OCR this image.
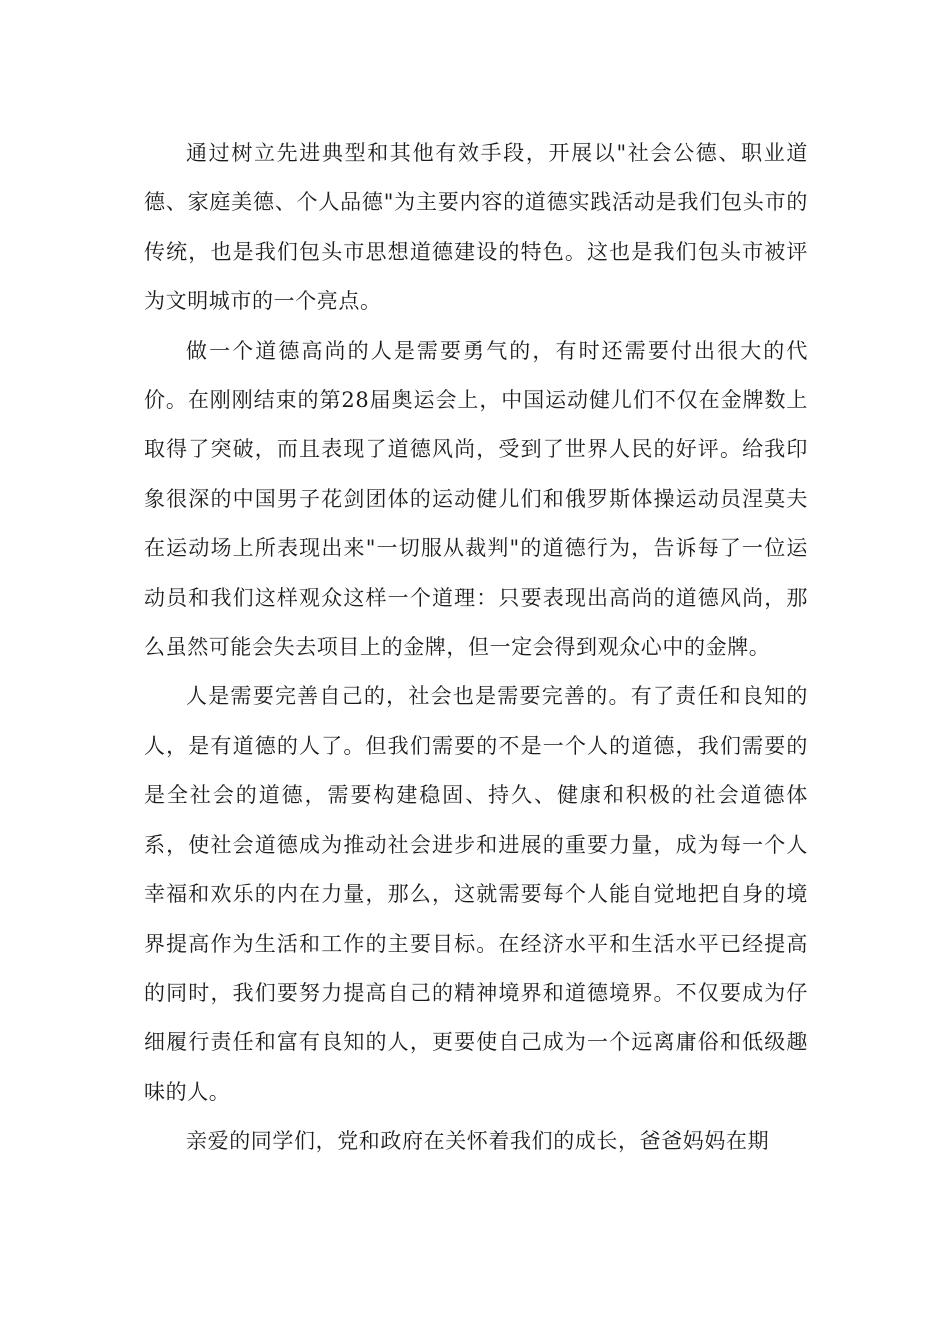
通过树立先进典型和其他有效手段，开展以"社会公德、职业道德、家庭美德、个人品德"为主要内容的道德实践活动是我们包头市的传统，也是我们包头市思想道德建设的特色。这也是我们包头市被评为文明城市的一个亮点。

做一个道德高尚的人是需要勇气的，有时还需要付出很大的代价。在刚刚结束的第28届奥运会上，中国运动健儿们不仅在金牌数上取得了突破，而且表现了道德风尚，受到了世界人民的好评。给我印象很深的中国男子花剑团体的运动健儿们和俄罗斯体操运动员涅莫夫在运动场上所表现出来"一切服从裁判"的道德行为，告诉每了一位运动员和我们这样观众这样一个道理：只要表现出高尚的道德风尚，那么虽然可能会失去项目上的金牌，但一定会得到观众心中的金牌。

人是需要完善自己的，社会也是需要完善的。有了责任和良知的人，是有道德的人了。但我们需要的不是一个人的道德，我们需要的是全社会的道德，需要构建稳固、持久、健康和积极的社会道德体系，使社会道德成为推动社会进步和进展的重要力量，成为每一个人幸福和欢乐的内在力量，那么，这就需要每个人能自觉地把自身的境界提高作为生活和工作的主要目标。在经济水平和生活水平已经提高的同时，我们要努力提高自己的精神境界和道德境界。不仅要成为仔细履行责任和富有良知的人，更要使自己成为一个远离庸俗和低级趣味的人。

亲爱的同学们，党和政府在关怀着我们的成长，爸爸妈妈在期
